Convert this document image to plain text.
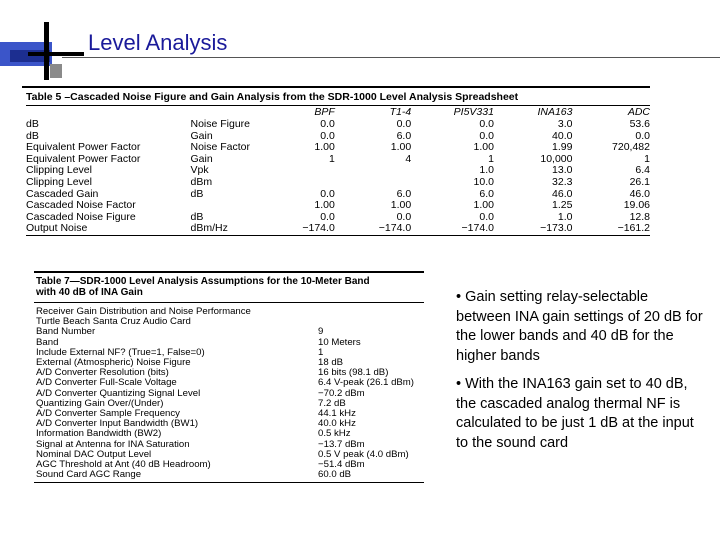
Level Analysis
Table 5 –Cascaded Noise Figure and Gain Analysis from the SDR-1000 Level Analysis Spreadsheet
		BPF	T1-4	PI5V331	INA163	ADC
dB	Noise Figure	0.0	0.0	0.0	3.0	53.6
dB	Gain	0.0	6.0	0.0	40.0	0.0
Equivalent Power Factor	Noise Factor	1.00	1.00	1.00	1.99	720,482
Equivalent Power Factor	Gain	1	4	1	10,000	1
Clipping Level	Vpk			1.0	13.0	6.4
Clipping Level	dBm			10.0	32.3	26.1
Cascaded Gain	dB	0.0	6.0	6.0	46.0	46.0
Cascaded Noise Factor		1.00	1.00	1.00	1.25	19.06
Cascaded Noise Figure	dB	0.0	0.0	0.0	1.0	12.8
Output Noise	dBm/Hz	−174.0	−174.0	−174.0	−173.0	−161.2
Table 7—SDR-1000 Level Analysis Assumptions for the 10-Meter Band
with 40 dB of INA Gain
Receiver Gain Distribution and Noise Performance	
Turtle Beach Santa Cruz Audio Card	
Band Number	9
Band	10 Meters
Include External NF? (True=1, False=0)	1
External (Atmospheric) Noise Figure	18 dB
A/D Converter Resolution (bits)	16 bits (98.1 dB)
A/D Converter Full-Scale Voltage	6.4 V-peak (26.1 dBm)
A/D Converter Quantizing Signal Level	−70.2 dBm
Quantizing Gain Over/(Under)	7.2 dB
A/D Converter Sample Frequency	44.1 kHz
A/D Converter Input Bandwidth (BW1)	40.0 kHz
Information Bandwidth (BW2)	0.5 kHz
Signal at Antenna for INA Saturation	−13.7 dBm
Nominal DAC Output Level	0.5 V peak (4.0 dBm)
AGC Threshold at Ant (40 dB Headroom)	−51.4 dBm
Sound Card AGC Range	60.0 dB
• Gain setting relay-selectable between INA gain settings of 20 dB for the lower bands and 40 dB for the higher bands
• With the INA163 gain set to 40 dB, the cascaded analog thermal NF is calculated to be just 1 dB at the input to the sound card
